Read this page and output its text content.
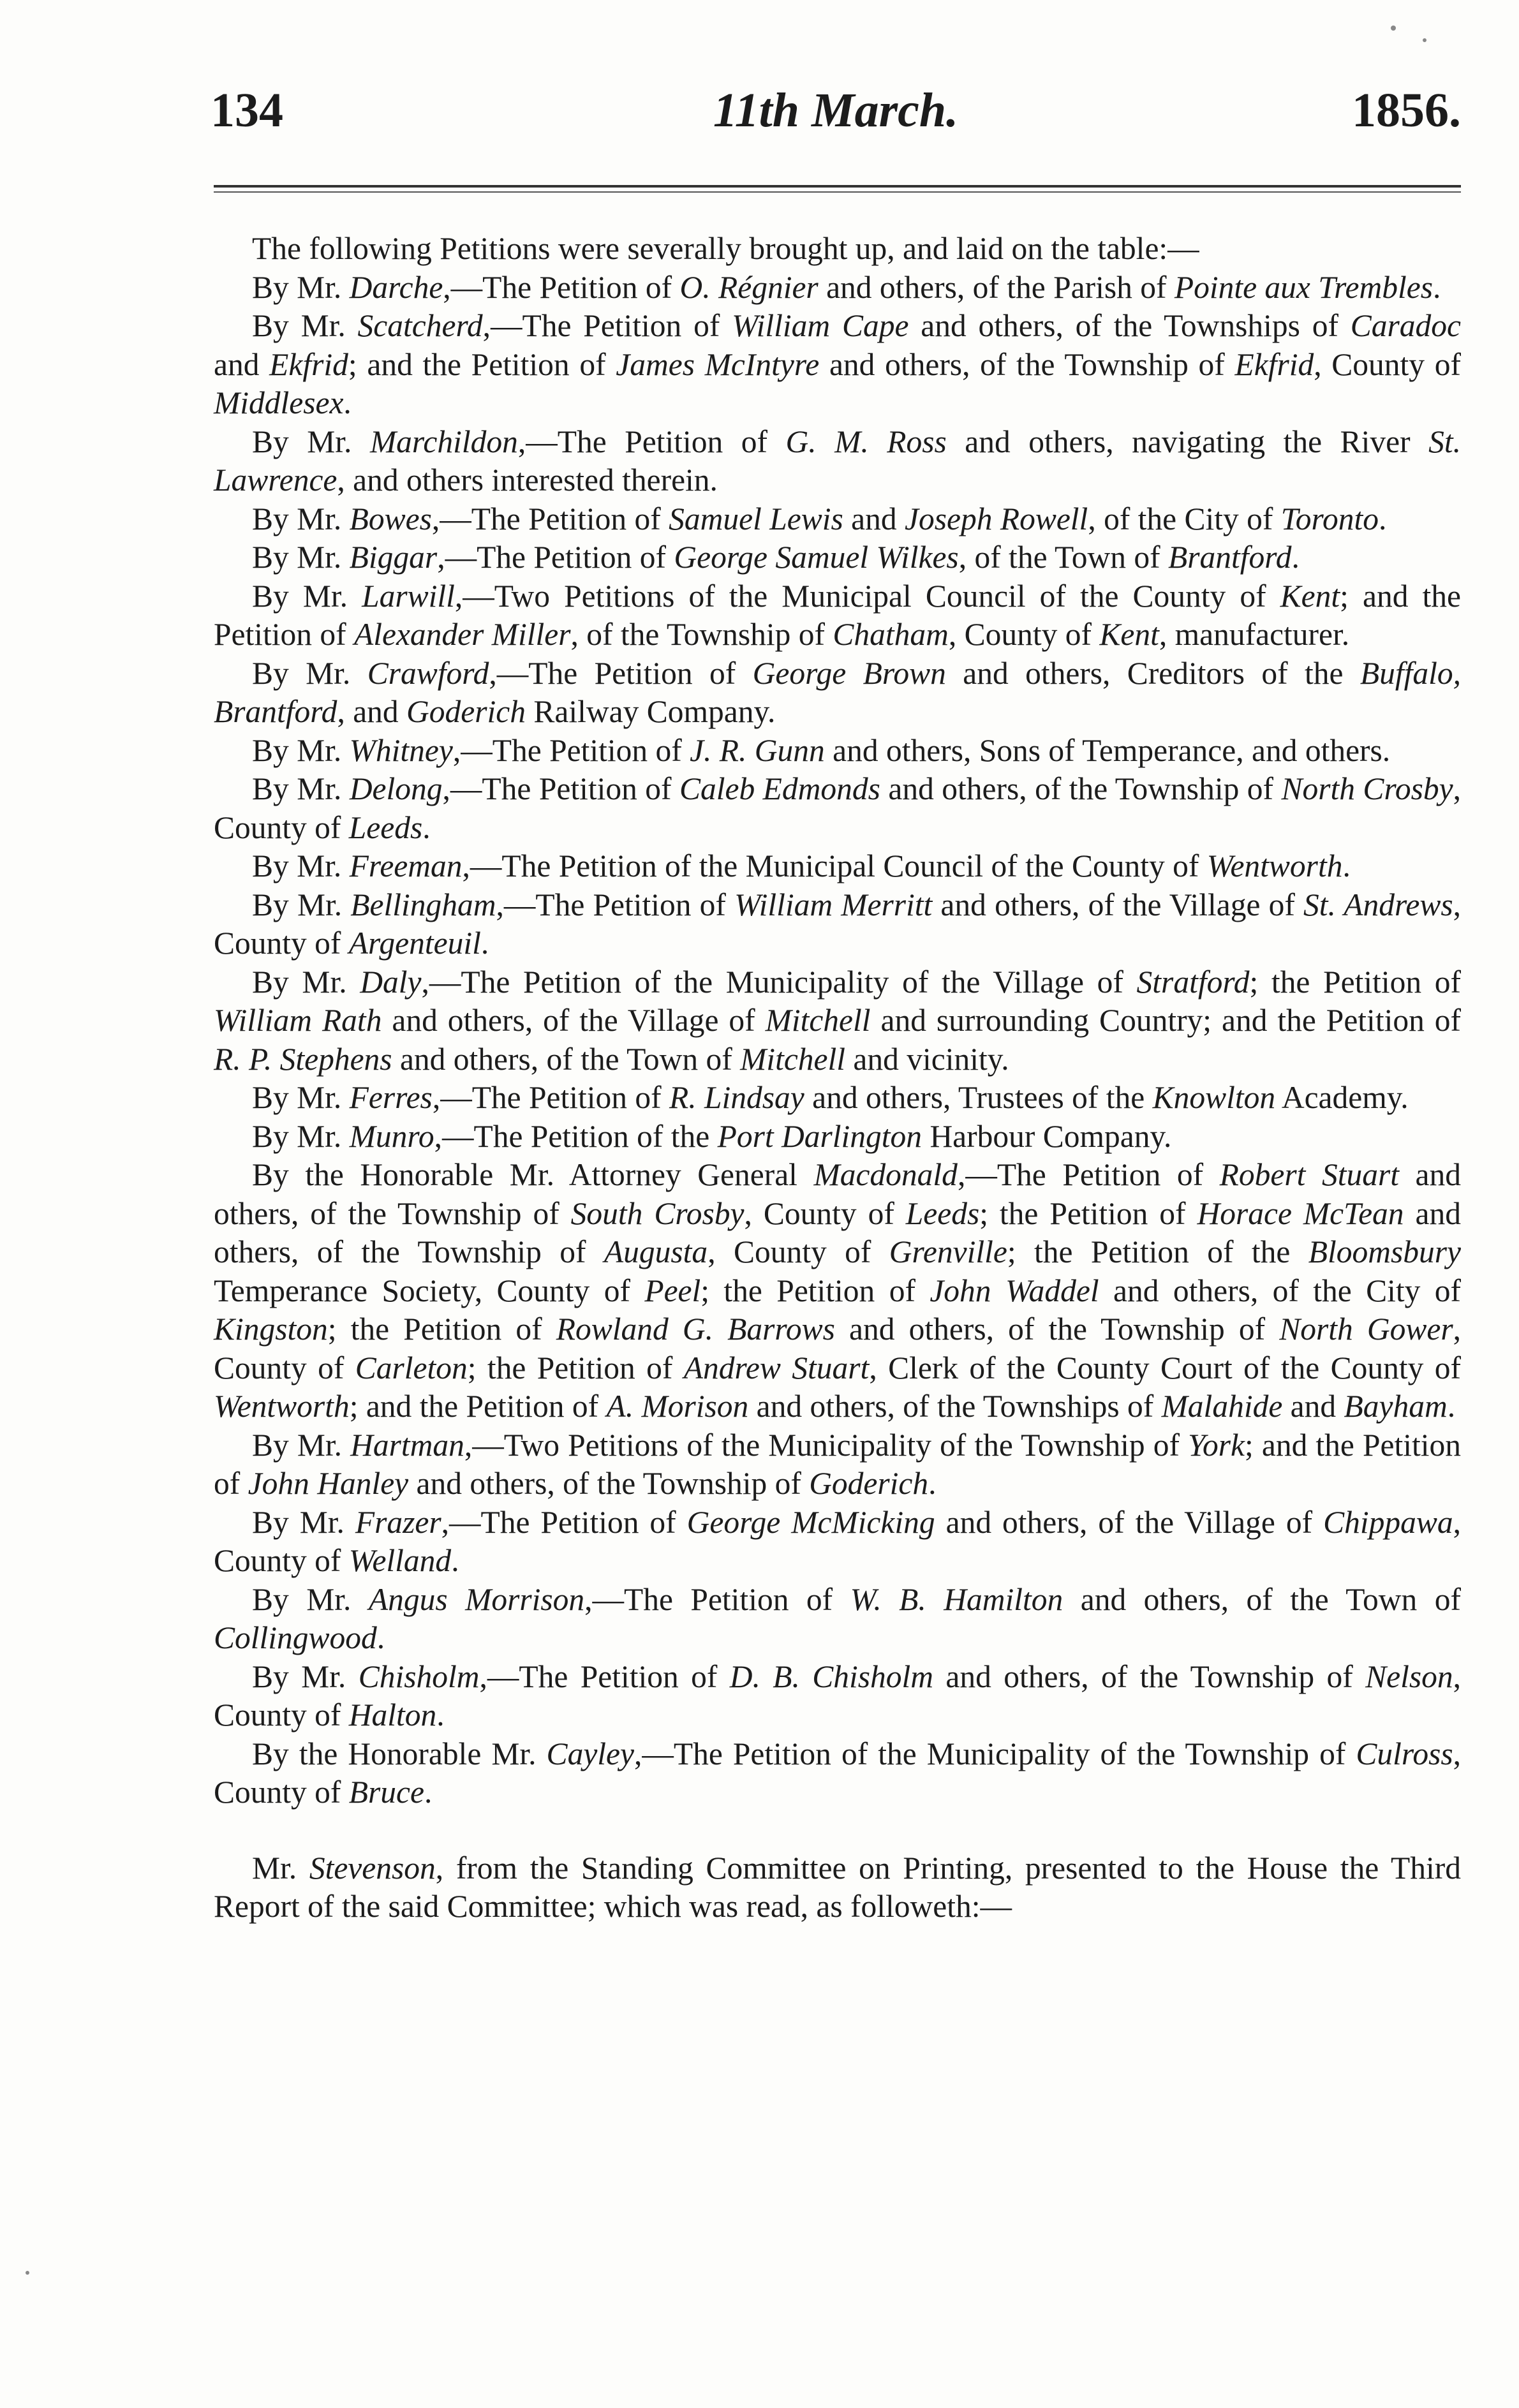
11th March.
134	1856.

The following Petitions were severally brought up, and laid on the table:—

By Mr. Darche,—The Petition of O. Régnier and others, of the Parish of Pointe aux Trembles.

By Mr. Scatcherd,—The Petition of William Cape and others, of the Townships of Caradoc and Ekfrid; and the Petition of James McIntyre and others, of the Township of Ekfrid, County of Middlesex.

By Mr. Marchildon,—The Petition of G. M. Ross and others, navigating the River St. Lawrence, and others interested therein.

By Mr. Bowes,—The Petition of Samuel Lewis and Joseph Rowell, of the City of Toronto.

By Mr. Biggar,—The Petition of George Samuel Wilkes, of the Town of Brantford.

By Mr. Larwill,—Two Petitions of the Municipal Council of the County of Kent; and the Petition of Alexander Miller, of the Township of Chatham, County of Kent, manufacturer.

By Mr. Crawford,—The Petition of George Brown and others, Creditors of the Buffalo, Brantford, and Goderich Railway Company.

By Mr. Whitney,—The Petition of J. R. Gunn and others, Sons of Temperance, and others.

By Mr. Delong,—The Petition of Caleb Edmonds and others, of the Township of North Crosby, County of Leeds.

By Mr. Freeman,—The Petition of the Municipal Council of the County of Wentworth.

By Mr. Bellingham,—The Petition of William Merritt and others, of the Village of St. Andrews, County of Argenteuil.

By Mr. Daly,—The Petition of the Municipality of the Village of Stratford; the Petition of William Rath and others, of the Village of Mitchell and surrounding Country; and the Petition of R. P. Stephens and others, of the Town of Mitchell and vicinity.

By Mr. Ferres,—The Petition of R. Lindsay and others, Trustees of the Knowlton Academy.

By Mr. Munro,—The Petition of the Port Darlington Harbour Company.

By the Honorable Mr. Attorney General Macdonald,—The Petition of Robert Stuart and others, of the Township of South Crosby, County of Leeds; the Petition of Horace McTean and others, of the Township of Augusta, County of Grenville; the Petition of the Bloomsbury Temperance Society, County of Peel; the Petition of John Waddel and others, of the City of Kingston; the Petition of Rowland G. Barrows and others, of the Township of North Gower, County of Carleton; the Petition of Andrew Stuart, Clerk of the County Court of the County of Wentworth; and the Petition of A. Morison and others, of the Townships of Malahide and Bayham.

By Mr. Hartman,—Two Petitions of the Municipality of the Township of York; and the Petition of John Hanley and others, of the Township of Goderich.

By Mr. Frazer,—The Petition of George McMicking and others, of the Village of Chippawa, County of Welland.

By Mr. Angus Morrison,—The Petition of W. B. Hamilton and others, of the Town of Collingwood.

By Mr. Chisholm,—The Petition of D. B. Chisholm and others, of the Township of Nelson, County of Halton.

By the Honorable Mr. Cayley,—The Petition of the Municipality of the Township of Culross, County of Bruce.

Mr. Stevenson, from the Standing Committee on Printing, presented to the House the Third Report of the said Committee; which was read, as followeth:—
